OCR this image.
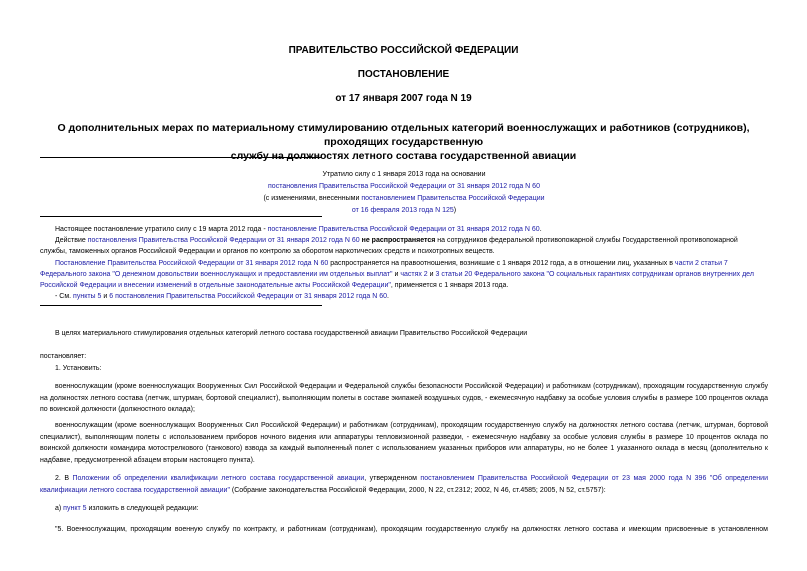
ПРАВИТЕЛЬСТВО РОССИЙСКОЙ ФЕДЕРАЦИИ
ПОСТАНОВЛЕНИЕ
от 17 января 2007 года N 19
О дополнительных мерах по материальному стимулированию отдельных категорий военнослужащих и работников (сотрудников), проходящих государственную
службу на должностях летного состава государственной авиации
Утратило силу с 1 января 2013 года на основании
постановления Правительства Российской Федерации от 31 января 2012 года N 60
(с изменениями, внесенными постановлением Правительства Российской Федерации
от 16 февраля 2013 года N 125)
Настоящее постановление утратило силу с 19 марта 2012 года - постановление Правительства Российской Федерации от 31 января 2012 года N 60.
Действие постановления Правительства Российской Федерации от 31 января 2012 года N 60 не распространяется на сотрудников федеральной противопожарной службы Государственной противопожарной
службы, таможенных органов Российской Федерации и органов по контролю за оборотом наркотических средств и психотропных веществ.
Постановление Правительства Российской Федерации от 31 января 2012 года N 60 распространяется на правоотношения, возникшие с 1 января 2012 года, а в отношении лиц, указанных в части 2 статьи 7
Федерального закона "О денежном довольствии военнослужащих и предоставлении им отдельных выплат" и частях 2 и 3 статьи 20 Федерального закона "О социальных гарантиях сотрудникам органов внутренних дел
Российской Федерации и внесении изменений в отдельные законодательные акты Российской Федерации", применяется с 1 января 2013 года.
- См. пункты 5 и 6 постановления Правительства Российской Федерации от 31 января 2012 года N 60.
В целях материального стимулирования отдельных категорий летного состава государственной авиации Правительство Российской Федерации
постановляет:
1. Установить:
военнослужащим (кроме военнослужащих Вооруженных Сил Российской Федерации и Федеральной службы безопасности Российской Федерации) и работникам (сотрудникам), проходящим государственную службу на должностях летного состава (летчик, штурман, бортовой специалист), выполняющим полеты в составе экипажей воздушных судов, - ежемесячную надбавку за особые условия службы в размере 100 процентов оклада по воинской должности (должностного оклада);
военнослужащим (кроме военнослужащих Вооруженных Сил Российской Федерации) и работникам (сотрудникам), проходящим государственную службу на должностях летного состава (летчик, штурман, бортовой специалист), выполняющим полеты с использованием приборов ночного видения или аппаратуры тепловизионной разведки, - ежемесячную надбавку за особые условия службы в размере 10 процентов оклада по воинской должности командира мотострелкового (танкового) взвода за каждый выполненный полет с использованием указанных приборов или аппаратуры, но не более 1 указанного оклада в месяц (дополнительно к надбавке, предусмотренной абзацем вторым настоящего пункта).
2. В Положении об определении квалификации летного состава государственной авиации, утвержденном постановлением Правительства Российской Федерации от 23 мая 2000 года N 396 "Об определении квалификации летного состава государственной авиации" (Собрание законодательства Российской Федерации, 2000, N 22, ст.2312; 2002, N 46, ст.4585; 2005, N 52, ст.5757):
а) пункт 5 изложить в следующей редакции:
"5. Военнослужащим, проходящим военную службу по контракту, и работникам (сотрудникам), проходящим государственную службу на должностях летного состава и имеющим присвоенные в установленном
